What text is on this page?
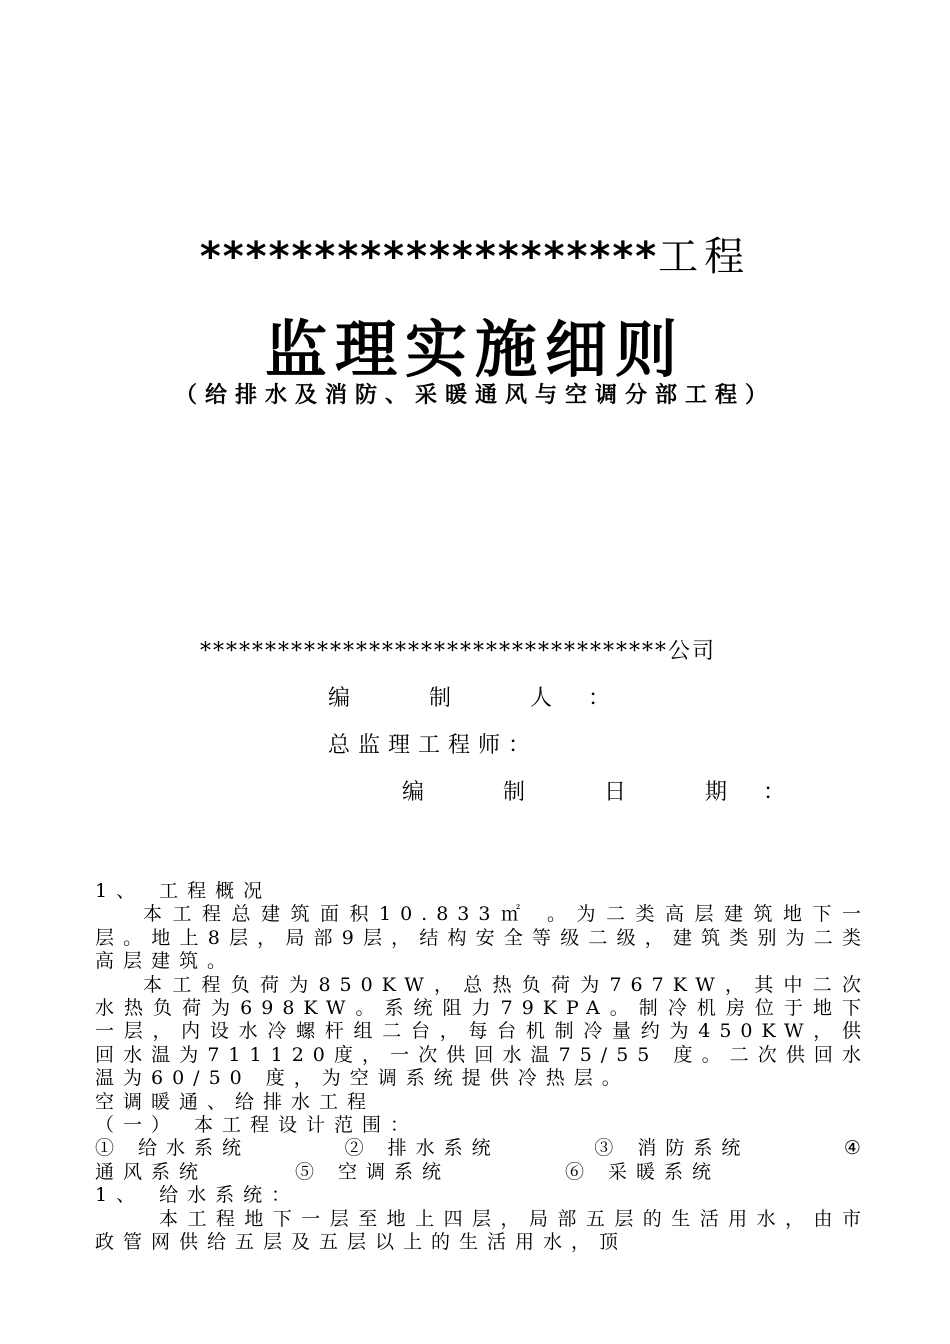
********************工程
监理实施细则
（给排水及消防、采暖通风与空调分部工程）
************************************公司
编 制 人：
总监理工程师：
编 制 日 期：

1、 工程概况

本工程总建筑面积10.833㎡ 。为二类高层建筑地下一层。地上8层，局部9层，结构安全等级二级，建筑类别为二类高层建筑。

本工程负荷为850KW，总热负荷为767KW，其中二次水热负荷为698KW。系统阻力79KPA。制冷机房位于地下一层，内设水冷螺杆组二台，每台机制冷量约为450KW，供回水温为711120度，一次供回水温75/55 度。二次供回水温为60/50 度，为空调系统提供冷热层。

空调暖通、给排水工程

（一） 本工程设计范围：

① 给水系统	② 排水系统	③ 消防系统	④
通风系统	⑤ 空调系统	⑥ 采暖系统

1、 给水系统：

本工程地下一层至地上四层，局部五层的生活用水，由市政管网供给五层及五层以上的生活用水，顶
